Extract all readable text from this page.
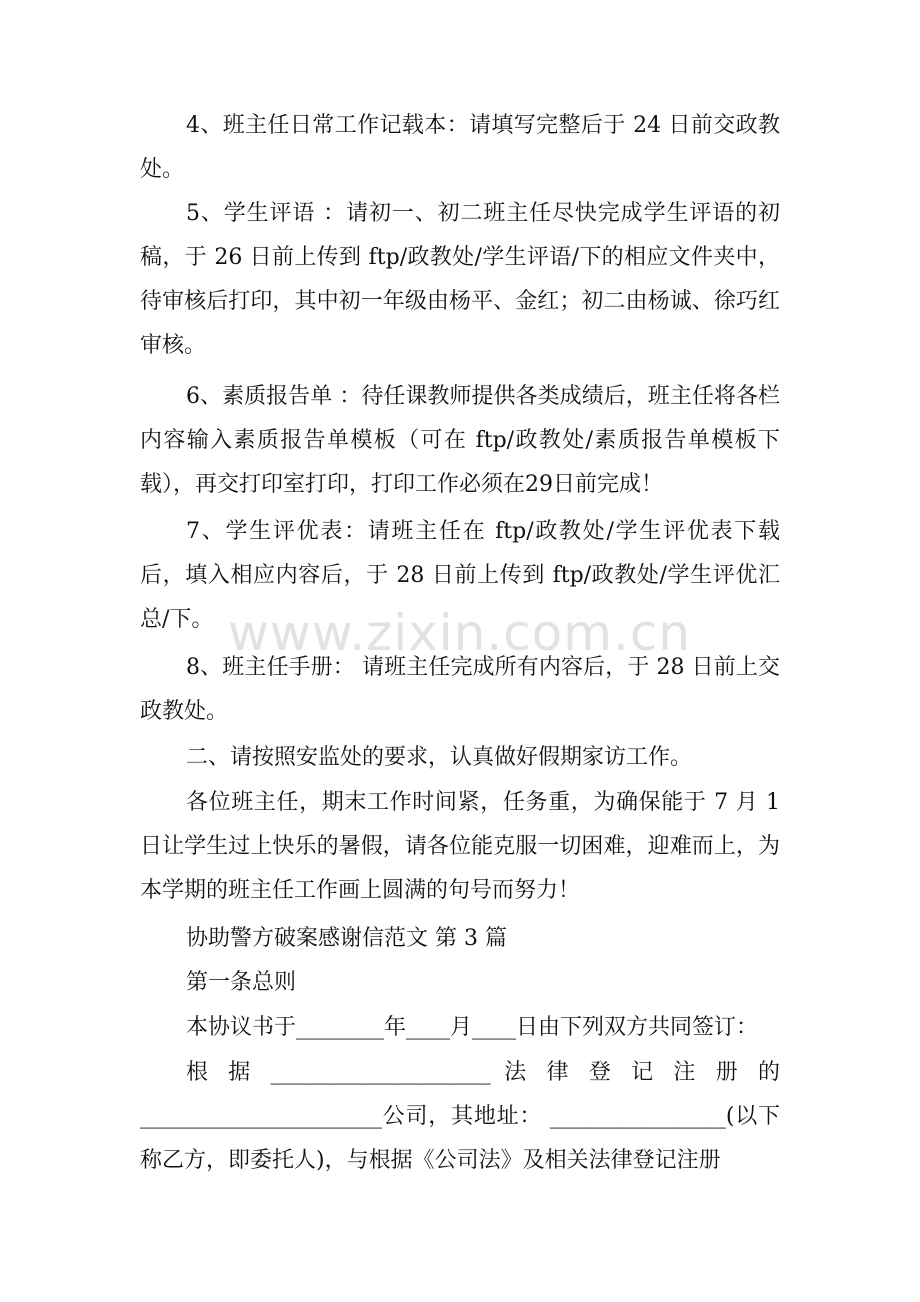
www.zixin.com.cn

4、班主任日常工作记载本：请填写完整后于 24 日前交政教处。

5、学生评语 ：请初一、初二班主任尽快完成学生评语的初稿，于 26 日前上传到 ftp/政教处/学生评语/下的相应文件夹中，待审核后打印，其中初一年级由杨平、金红；初二由杨诚、徐巧红审核。

6、素质报告单 ：待任课教师提供各类成绩后，班主任将各栏内容输入素质报告单模板（可在 ftp/政教处/素质报告单模板下载），再交打印室打印，打印工作必须在29日前完成！

7、学生评优表：请班主任在 ftp/政教处/学生评优表下载后，填入相应内容后，于 28 日前上传到 ftp/政教处/学生评优汇总/下。

8、班主任手册： 请班主任完成所有内容后，于 28 日前上交政教处。

二、请按照安监处的要求，认真做好假期家访工作。

各位班主任，期末工作时间紧，任务重，为确保能于 7 月 1 日让学生过上快乐的暑假，请各位能克服一切困难，迎难而上，为本学期的班主任工作画上圆满的句号而努力！

协助警方破案感谢信范文 第 3 篇

第一条总则

本协议书于________年____月____日由下列双方共同签订：

根 据 ____________________ 法 律 登 记 注 册 的______________________公司，其地址： ________________(以下称乙方，即委托人)，与根据《公司法》及相关法律登记注册
